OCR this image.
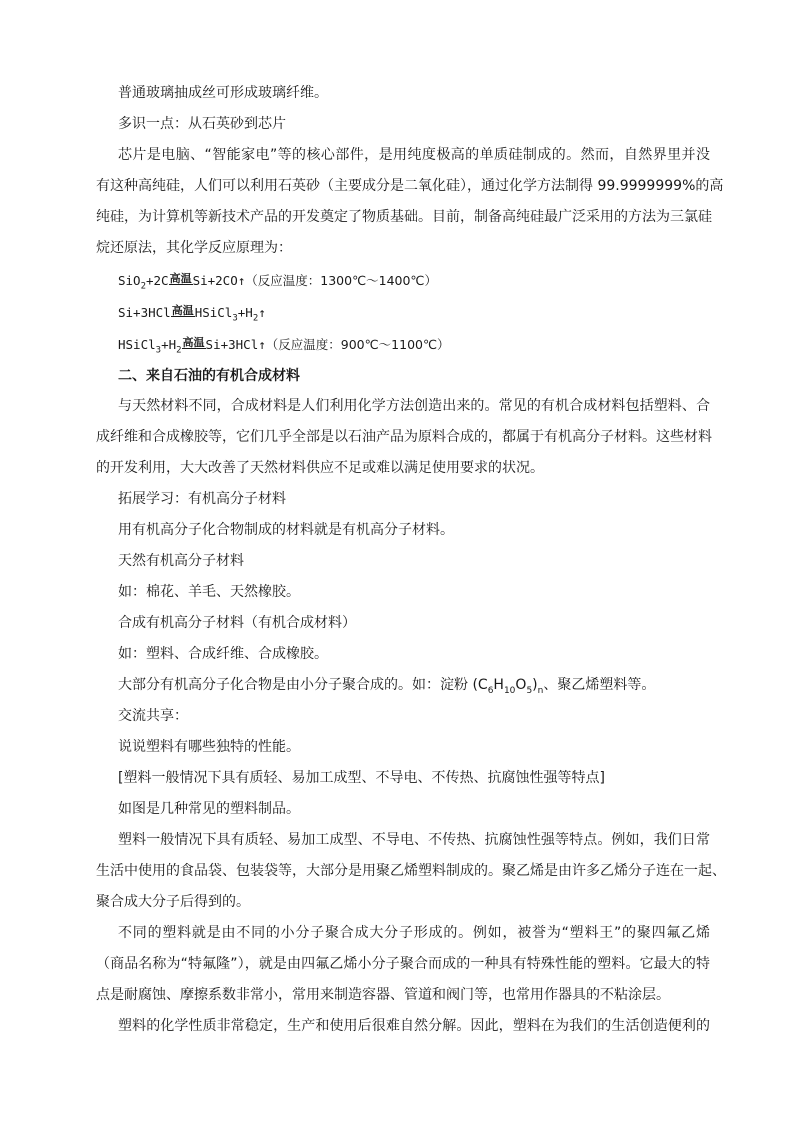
普通玻璃抽成丝可形成玻璃纤维。
多识一点：从石英砂到芯片
芯片是电脑、“智能家电”等的核心部件，是用纯度极高的单质硅制成的。然而，自然界里并没
有这种高纯硅，人们可以利用石英砂（主要成分是二氧化硅），通过化学方法制得 99.9999999%的高
纯硅，为计算机等新技术产品的开发奠定了物质基础。目前，制备高纯硅最广泛采用的方法为三氯硅
烷还原法，其化学反应原理为：
SiO$_2$+2C高温Si+2CO↑（反应温度：1300℃～1400℃）
Si+3HCl高温$HSiCl_3+H_2↑$
$HSiCl_3+H_2$高温Si+3HCl↑（反应温度：900℃～1100℃）
二、来自石油的有机合成材料
与天然材料不同，合成材料是人们利用化学方法创造出来的。常见的有机合成材料包括塑料、合
成纤维和合成橡胶等，它们几乎全部是以石油产品为原料合成的，都属于有机高分子材料。这些材料
的开发利用，大大改善了天然材料供应不足或难以满足使用要求的状况。
拓展学习：有机高分子材料
用有机高分子化合物制成的材料就是有机高分子材料。
天然有机高分子材料
如：棉花、羊毛、天然橡胶。
合成有机高分子材料（有机合成材料）
如：塑料、合成纤维、合成橡胶。
大部分有机高分子化合物是由小分子聚合成的。如：淀粉 $(C_6H_{10}O_5)_n$、聚乙烯塑料等。
交流共享：
说说塑料有哪些独特的性能。
[塑料一般情况下具有质轻、易加工成型、不导电、不传热、抗腐蚀性强等特点]
如图是几种常见的塑料制品。
塑料一般情况下具有质轻、易加工成型、不导电、不传热、抗腐蚀性强等特点。例如，我们日常
生活中使用的食品袋、包装袋等，大部分是用聚乙烯塑料制成的。聚乙烯是由许多乙烯分子连在一起、
聚合成大分子后得到的。
不同的塑料就是由不同的小分子聚合成大分子形成的。例如，被誉为“塑料王”的聚四氟乙烯
（商品名称为“特氟隆”），就是由四氟乙烯小分子聚合而成的一种具有特殊性能的塑料。它最大的特
点是耐腐蚀、摩擦系数非常小，常用来制造容器、管道和阀门等，也常用作器具的不粘涂层。
塑料的化学性质非常稳定，生产和使用后很难自然分解。因此，塑料在为我们的生活创造便利的
